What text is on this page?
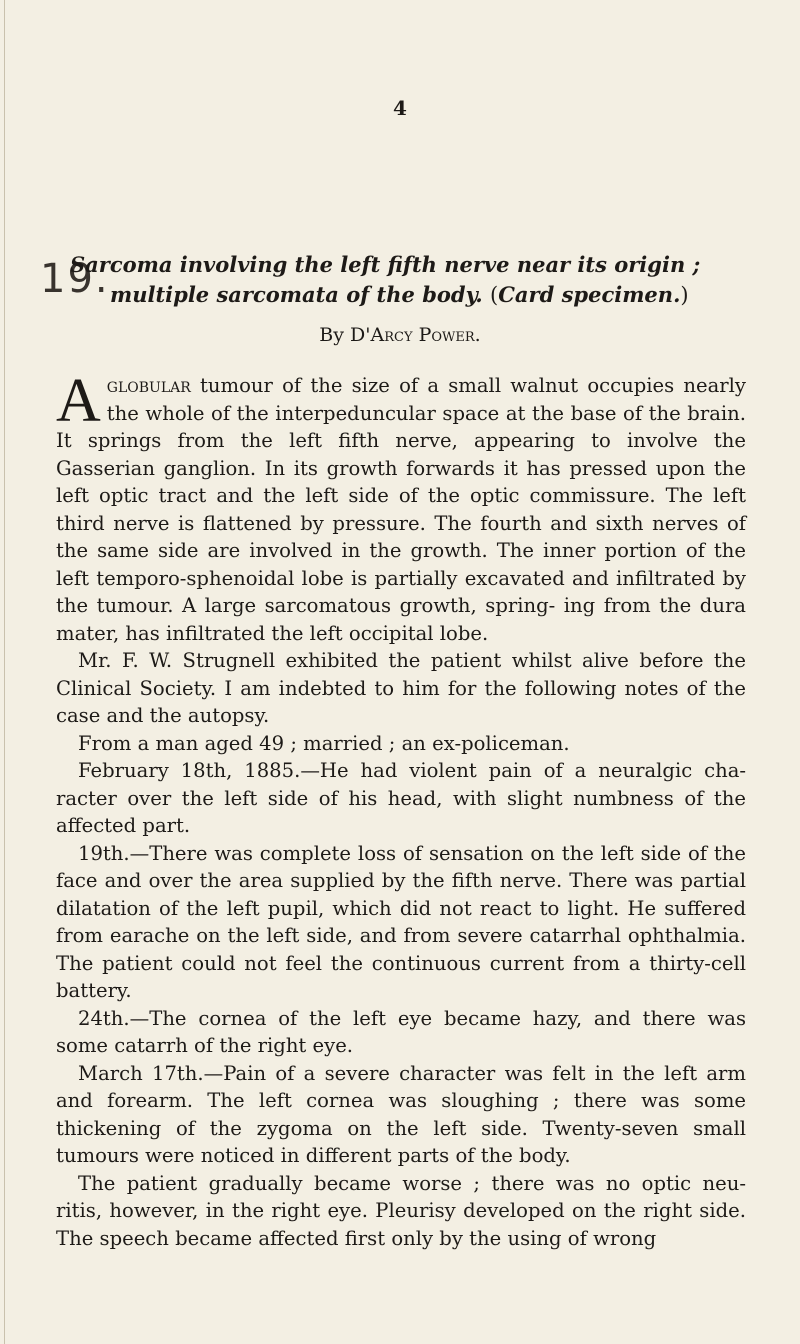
4
19.
Sarcoma involving the left fifth nerve near its origin ; multiple sarcomata of the body. (Card specimen.)
By D'Arcy Power.

Aglobular tumour of the size of a small walnut occupies nearly the whole of the interpeduncular space at the base of the brain. It springs from the left fifth nerve, appearing to involve the Gasserian ganglion. In its growth forwards it has pressed upon the left optic tract and the left side of the optic commissure. The left third nerve is flattened by pressure. The fourth and sixth nerves of the same side are involved in the growth. The inner portion of the left temporo-sphenoidal lobe is partially excavated and infiltrated by the tumour. A large sarcomatous growth, spring- ing from the dura mater, has infiltrated the left occipital lobe.

Mr. F. W. Strugnell exhibited the patient whilst alive before the Clinical Society. I am indebted to him for the following notes of the case and the autopsy.

From a man aged 49 ; married ; an ex-policeman.

February 18th, 1885.—He had violent pain of a neuralgic cha- racter over the left side of his head, with slight numbness of the affected part.

19th.—There was complete loss of sensation on the left side of the face and over the area supplied by the fifth nerve. There was partial dilatation of the left pupil, which did not react to light. He suffered from earache on the left side, and from severe catarrhal ophthalmia. The patient could not feel the continuous current from a thirty-cell battery.

24th.—The cornea of the left eye became hazy, and there was some catarrh of the right eye.

March 17th.—Pain of a severe character was felt in the left arm and forearm. The left cornea was sloughing ; there was some thickening of the zygoma on the left side. Twenty-seven small tumours were noticed in different parts of the body.

The patient gradually became worse ; there was no optic neu- ritis, however, in the right eye. Pleurisy developed on the right side. The speech became affected first only by the using of wrong
